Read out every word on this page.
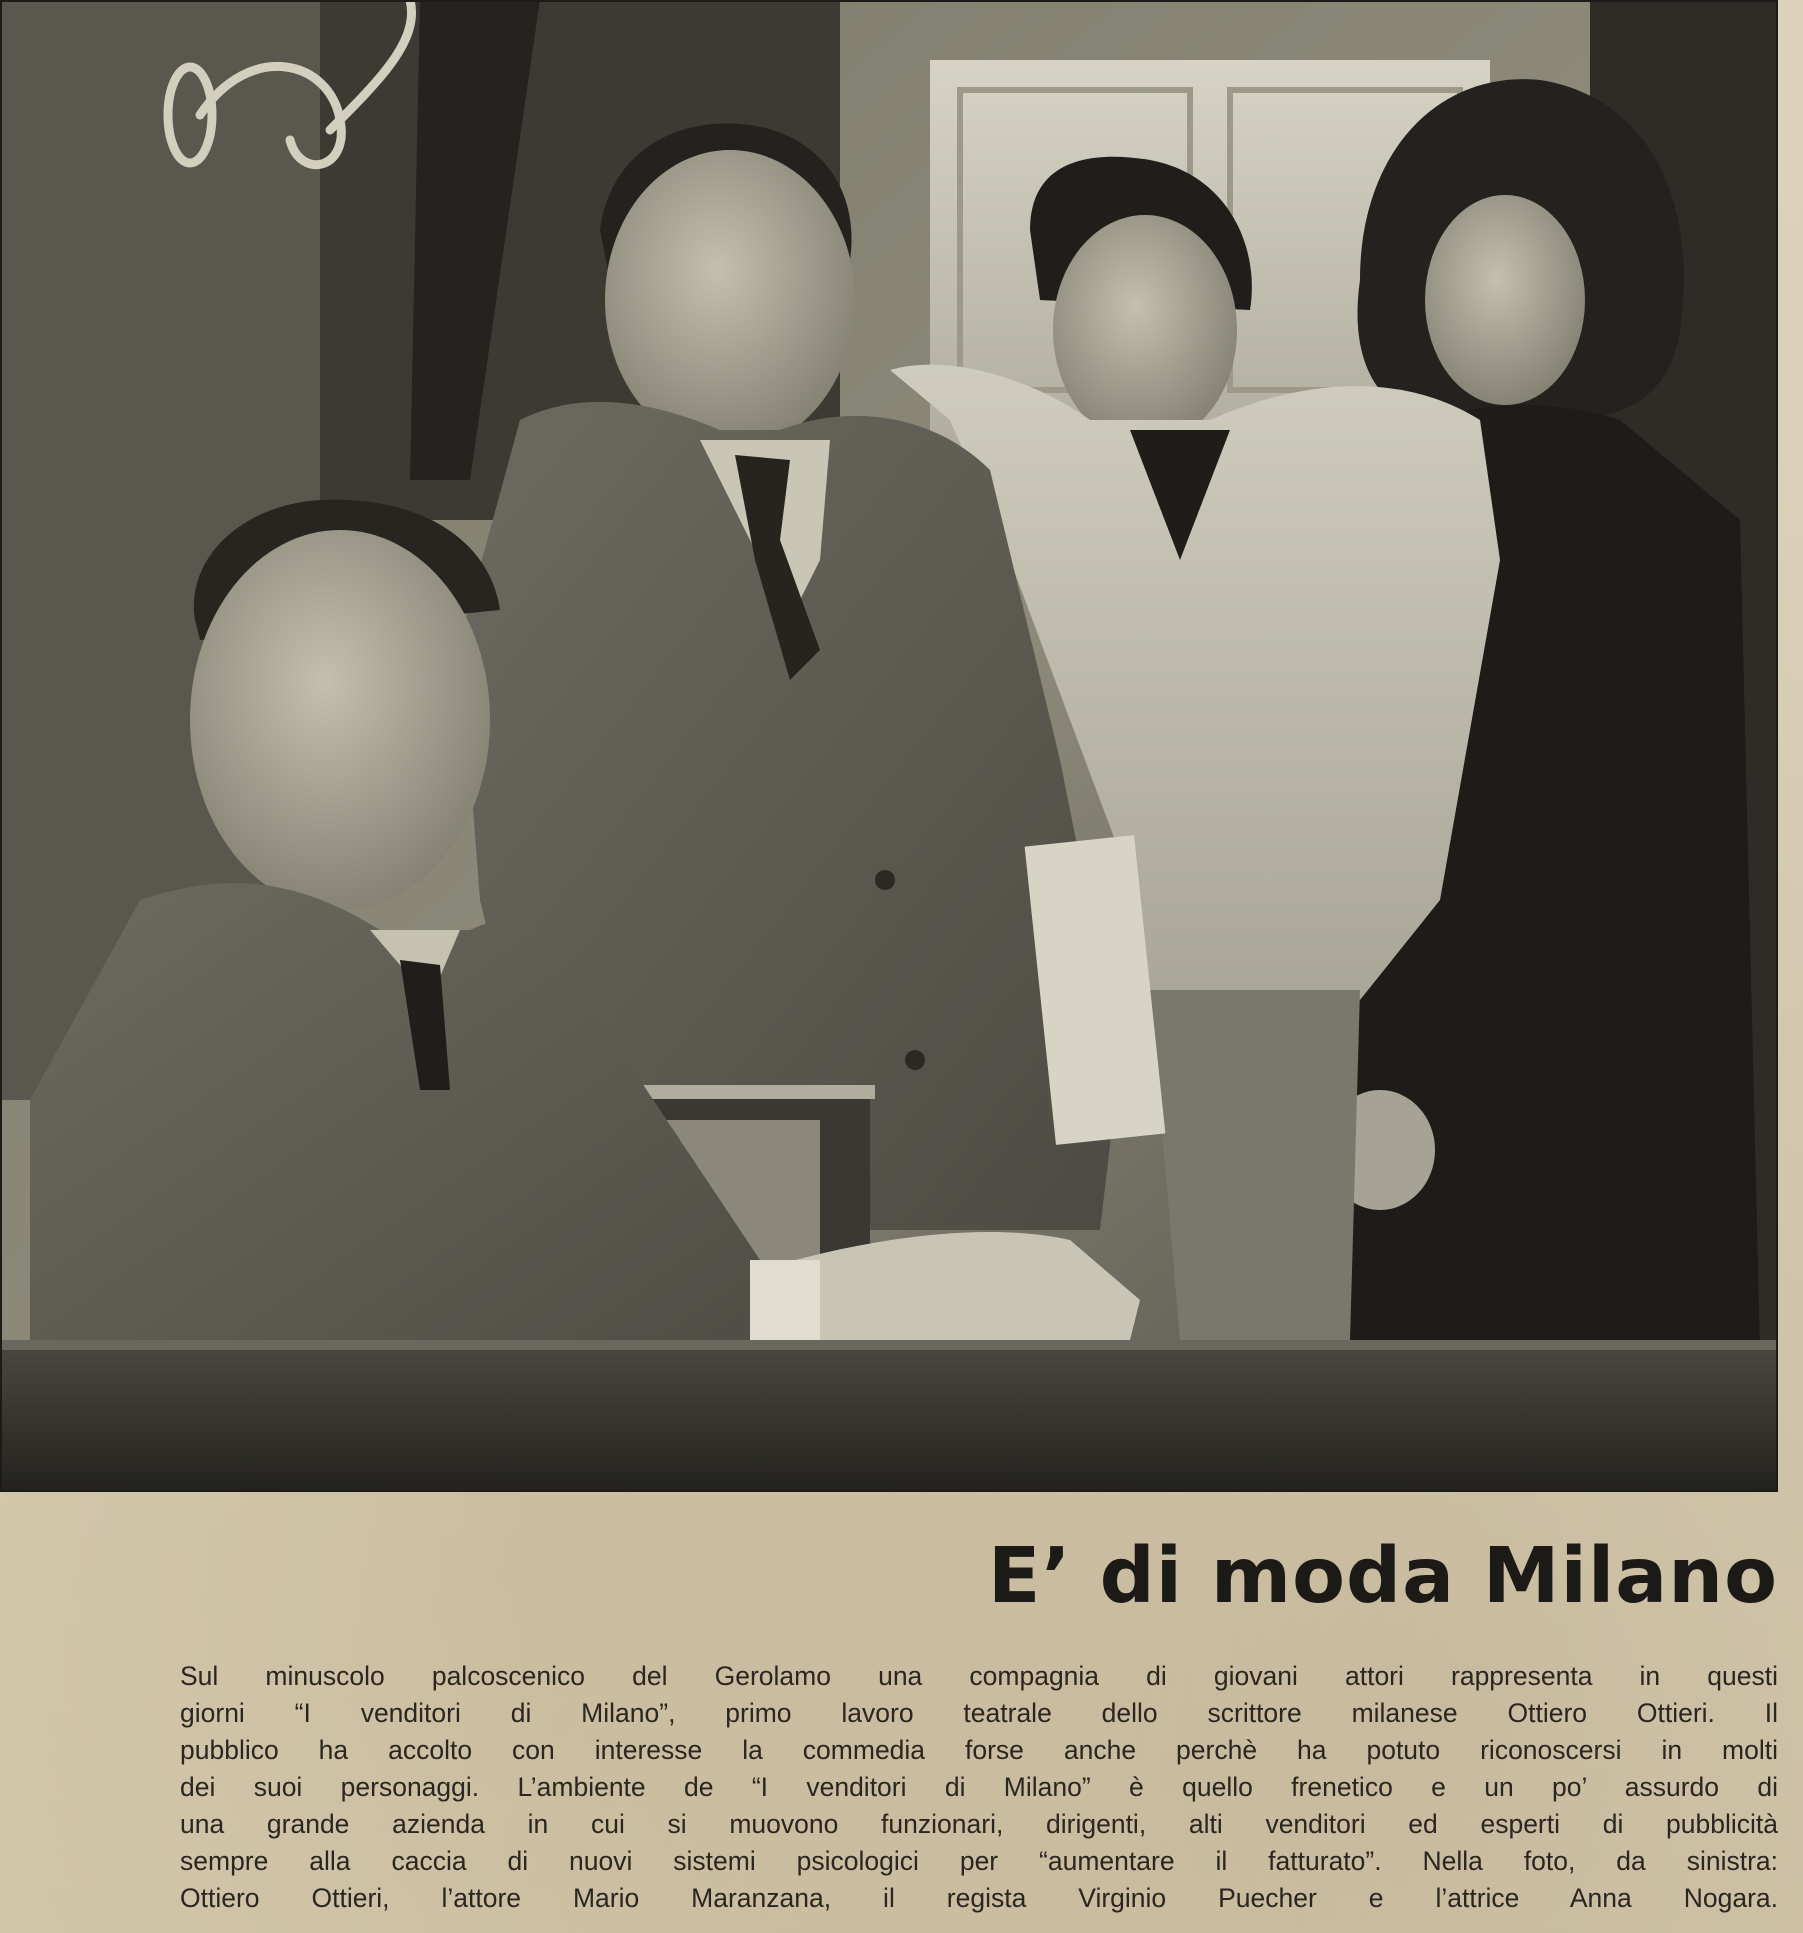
E’ di moda Milano

Sul minuscolo palcoscenico del Gerolamo una compagnia di giovani attori rappresenta in questi
giorni “I venditori di Milano”, primo lavoro teatrale dello scrittore milanese Ottiero Ottieri. Il
pubblico ha accolto con interesse la commedia forse anche perchè ha potuto riconoscersi in molti
dei suoi personaggi. L’ambiente de “I venditori di Milano” è quello frenetico e un po’ assurdo di
una grande azienda in cui si muovono funzionari, dirigenti, alti venditori ed esperti di pubblicità
sempre alla caccia di nuovi sistemi psicologici per “aumentare il fatturato”. Nella foto, da sinistra:
Ottiero Ottieri, l’attore Mario Maranzana, il regista Virginio Puecher e l’attrice Anna Nogara.
